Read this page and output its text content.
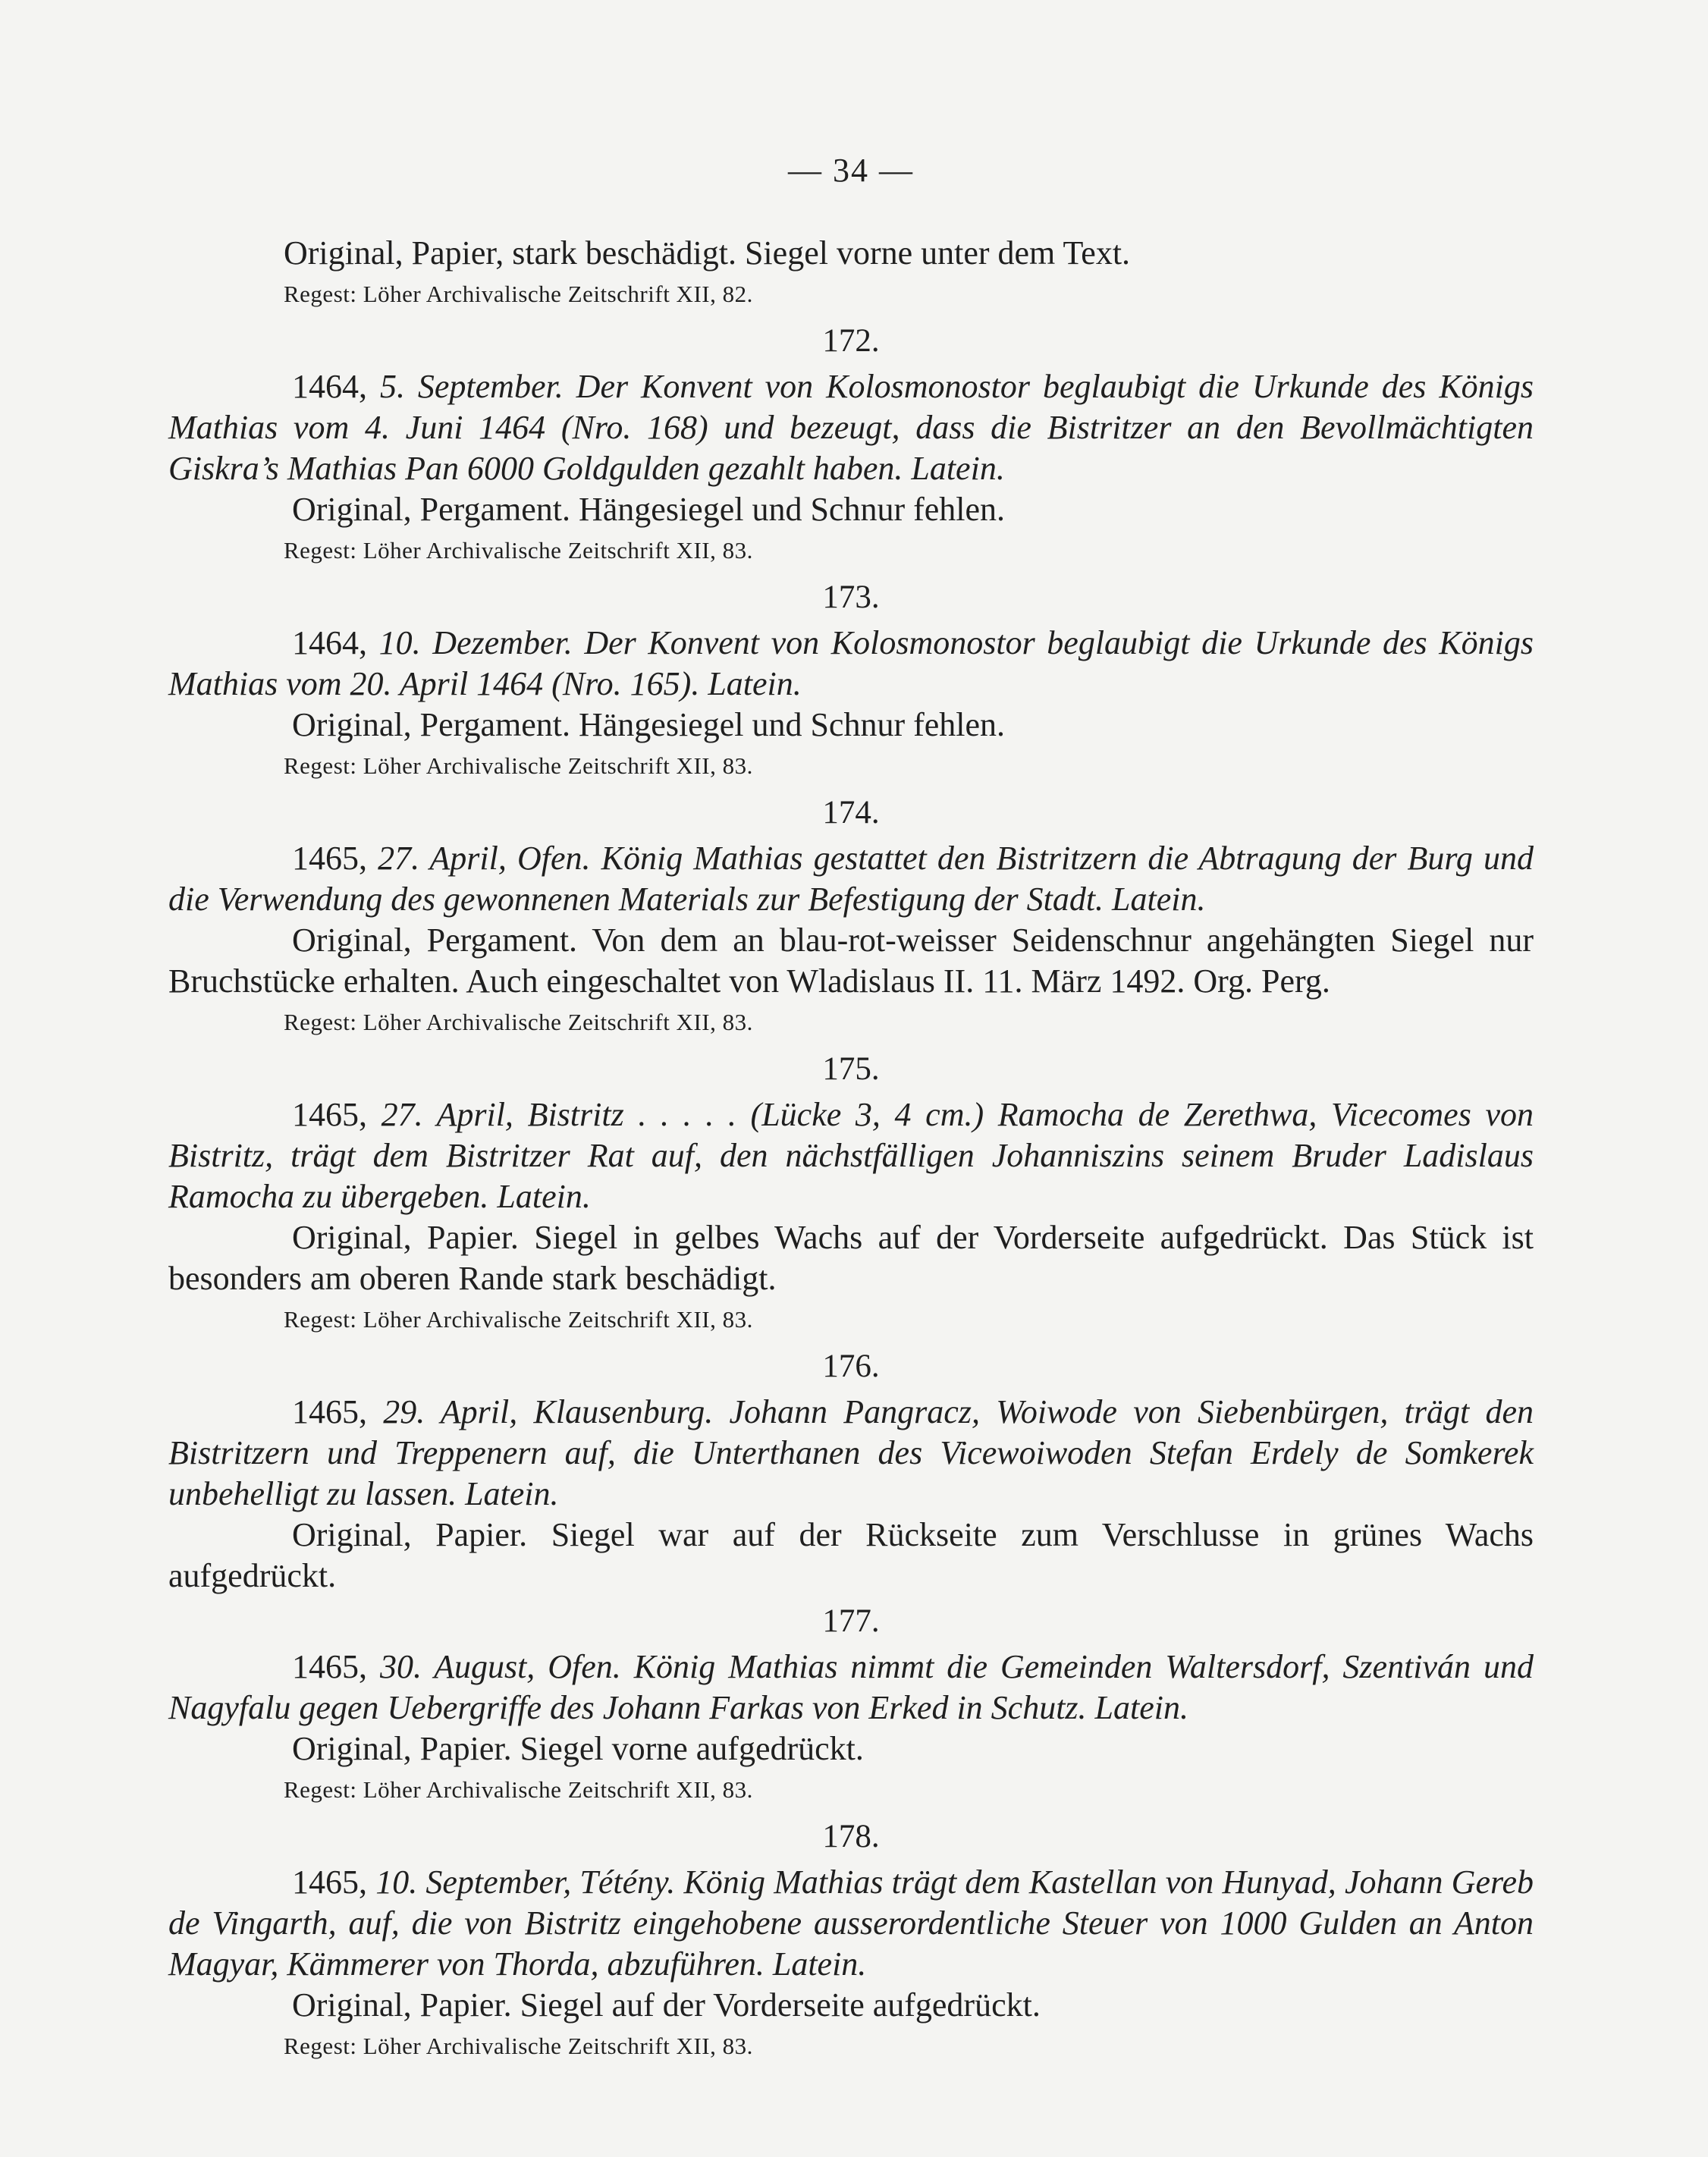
— 34 —

Original, Papier, stark beschädigt. Siegel vorne unter dem Text.

Regest: Löher Archivalische Zeitschrift XII, 82.

172.

1464, 5. September. Der Konvent von Kolosmonostor beglaubigt die Urkunde des Königs Mathias vom 4. Juni 1464 (Nro. 168) und bezeugt, dass die Bistritzer an den Bevollmächtigten Giskra’s Mathias Pan 6000 Goldgulden gezahlt haben. Latein.

Original, Pergament. Hängesiegel und Schnur fehlen.

Regest: Löher Archivalische Zeitschrift XII, 83.

173.

1464, 10. Dezember. Der Konvent von Kolosmonostor beglaubigt die Urkunde des Königs Mathias vom 20. April 1464 (Nro. 165). Latein.

Original, Pergament. Hängesiegel und Schnur fehlen.

Regest: Löher Archivalische Zeitschrift XII, 83.

174.

1465, 27. April, Ofen. König Mathias gestattet den Bistritzern die Abtragung der Burg und die Verwendung des gewonnenen Materials zur Befestigung der Stadt. Latein.

Original, Pergament. Von dem an blau-rot-weisser Seidenschnur angehängten Siegel nur Bruchstücke erhalten. Auch eingeschaltet von Wladislaus II. 11. März 1492. Org. Perg.

Regest: Löher Archivalische Zeitschrift XII, 83.

175.

1465, 27. April, Bistritz . . . . . (Lücke 3, 4 cm.) Ramocha de Zerethwa, Vicecomes von Bistritz, trägt dem Bistritzer Rat auf, den nächstfälligen Johanniszins seinem Bruder Ladislaus Ramocha zu übergeben. Latein.

Original, Papier. Siegel in gelbes Wachs auf der Vorderseite aufgedrückt. Das Stück ist besonders am oberen Rande stark beschädigt.

Regest: Löher Archivalische Zeitschrift XII, 83.

176.

1465, 29. April, Klausenburg. Johann Pangracz, Woiwode von Siebenbürgen, trägt den Bistritzern und Treppenern auf, die Unterthanen des Vicewoiwoden Stefan Erdely de Somkerek unbehelligt zu lassen. Latein.

Original, Papier. Siegel war auf der Rückseite zum Verschlusse in grünes Wachs aufgedrückt.

177.

1465, 30. August, Ofen. König Mathias nimmt die Gemeinden Waltersdorf, Szentiván und Nagyfalu gegen Uebergriffe des Johann Farkas von Erked in Schutz. Latein.

Original, Papier. Siegel vorne aufgedrückt.

Regest: Löher Archivalische Zeitschrift XII, 83.

178.

1465, 10. September, Tétény. König Mathias trägt dem Kastellan von Hunyad, Johann Gereb de Vingarth, auf, die von Bistritz eingehobene ausserordentliche Steuer von 1000 Gulden an Anton Magyar, Kämmerer von Thorda, abzuführen. Latein.

Original, Papier. Siegel auf der Vorderseite aufgedrückt.

Regest: Löher Archivalische Zeitschrift XII, 83.
